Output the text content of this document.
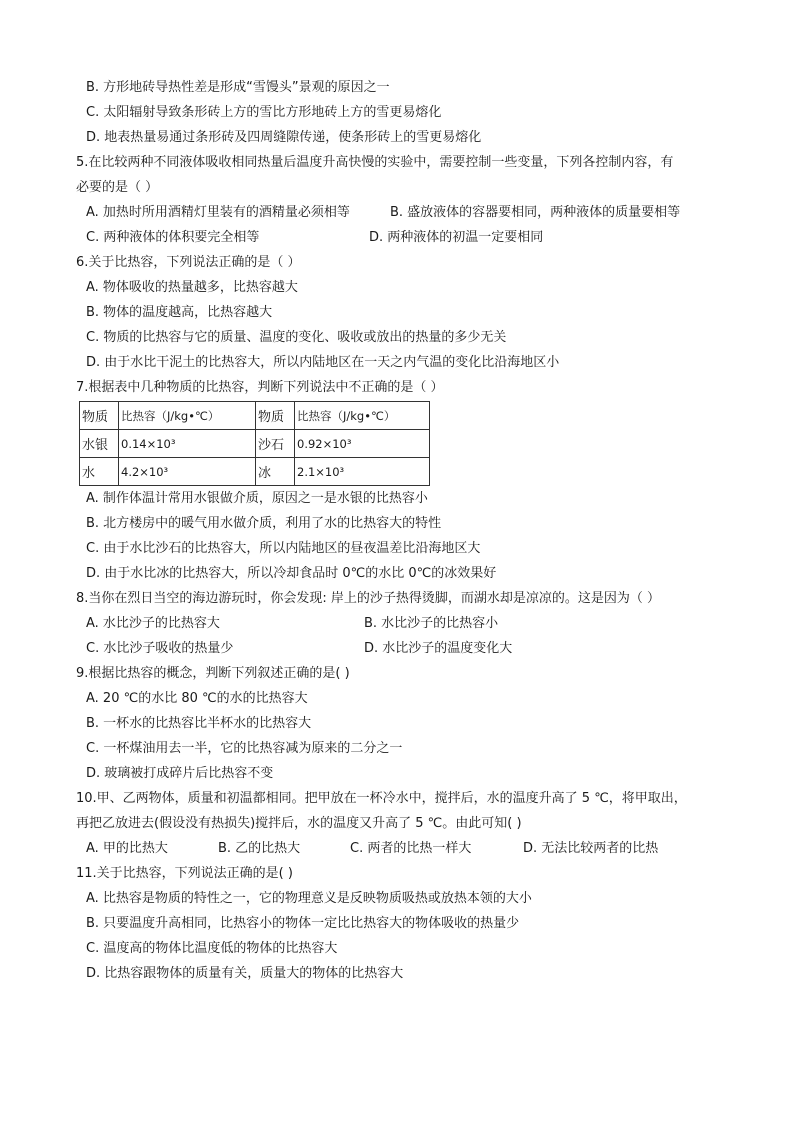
B. 方形地砖导热性差是形成“雪馒头”景观的原因之一
C. 太阳辐射导致条形砖上方的雪比方形地砖上方的雪更易熔化
D. 地表热量易通过条形砖及四周缝隙传递，使条形砖上的雪更易熔化
5.在比较两种不同液体吸收相同热量后温度升高快慢的实验中，需要控制一些变量，下列各控制内容，有
必要的是（ ）
A. 加热时所用酒精灯里装有的酒精量必须相等	B. 盛放液体的容器要相同，两种液体的质量要相等
C. 两种液体的体积要完全相等	D. 两种液体的初温一定要相同
6.关于比热容，下列说法正确的是（ ）
A. 物体吸收的热量越多，比热容越大
B. 物体的温度越高，比热容越大
C. 物质的比热容与它的质量、温度的变化、吸收或放出的热量的多少无关
D. 由于水比干泥土的比热容大，所以内陆地区在一天之内气温的变化比沿海地区小
7.根据表中几种物质的比热容，判断下列说法中不正确的是（ ）
物质	比热容（J/kg•℃）	物质	比热容（J/kg•℃）
水银	0.14×10³	沙石	0.92×10³
水	4.2×10³	冰	2.1×10³
A. 制作体温计常用水银做介质，原因之一是水银的比热容小
B. 北方楼房中的暖气用水做介质，利用了水的比热容大的特性
C. 由于水比沙石的比热容大，所以内陆地区的昼夜温差比沿海地区大
D. 由于水比冰的比热容大，所以冷却食品时 0℃的水比 0℃的冰效果好
8.当你在烈日当空的海边游玩时，你会发现: 岸上的沙子热得烫脚，而湖水却是凉凉的。这是因为（ ）
A. 水比沙子的比热容大	B. 水比沙子的比热容小
C. 水比沙子吸收的热量少	D. 水比沙子的温度变化大
9.根据比热容的概念，判断下列叙述正确的是( )
A. 20 ℃的水比 80 ℃的水的比热容大
B. 一杯水的比热容比半杯水的比热容大
C. 一杯煤油用去一半，它的比热容减为原来的二分之一
D. 玻璃被打成碎片后比热容不变
10.甲、乙两物体，质量和初温都相同。把甲放在一杯冷水中，搅拌后，水的温度升高了 5 ℃，将甲取出，
再把乙放进去(假设没有热损失)搅拌后，水的温度又升高了 5 ℃。由此可知( )
A. 甲的比热大	B. 乙的比热大	C. 两者的比热一样大	D. 无法比较两者的比热
11.关于比热容，下列说法正确的是( )
A. 比热容是物质的特性之一，它的物理意义是反映物质吸热或放热本领的大小
B. 只要温度升高相同，比热容小的物体一定比比热容大的物体吸收的热量少
C. 温度高的物体比温度低的物体的比热容大
D. 比热容跟物体的质量有关，质量大的物体的比热容大
